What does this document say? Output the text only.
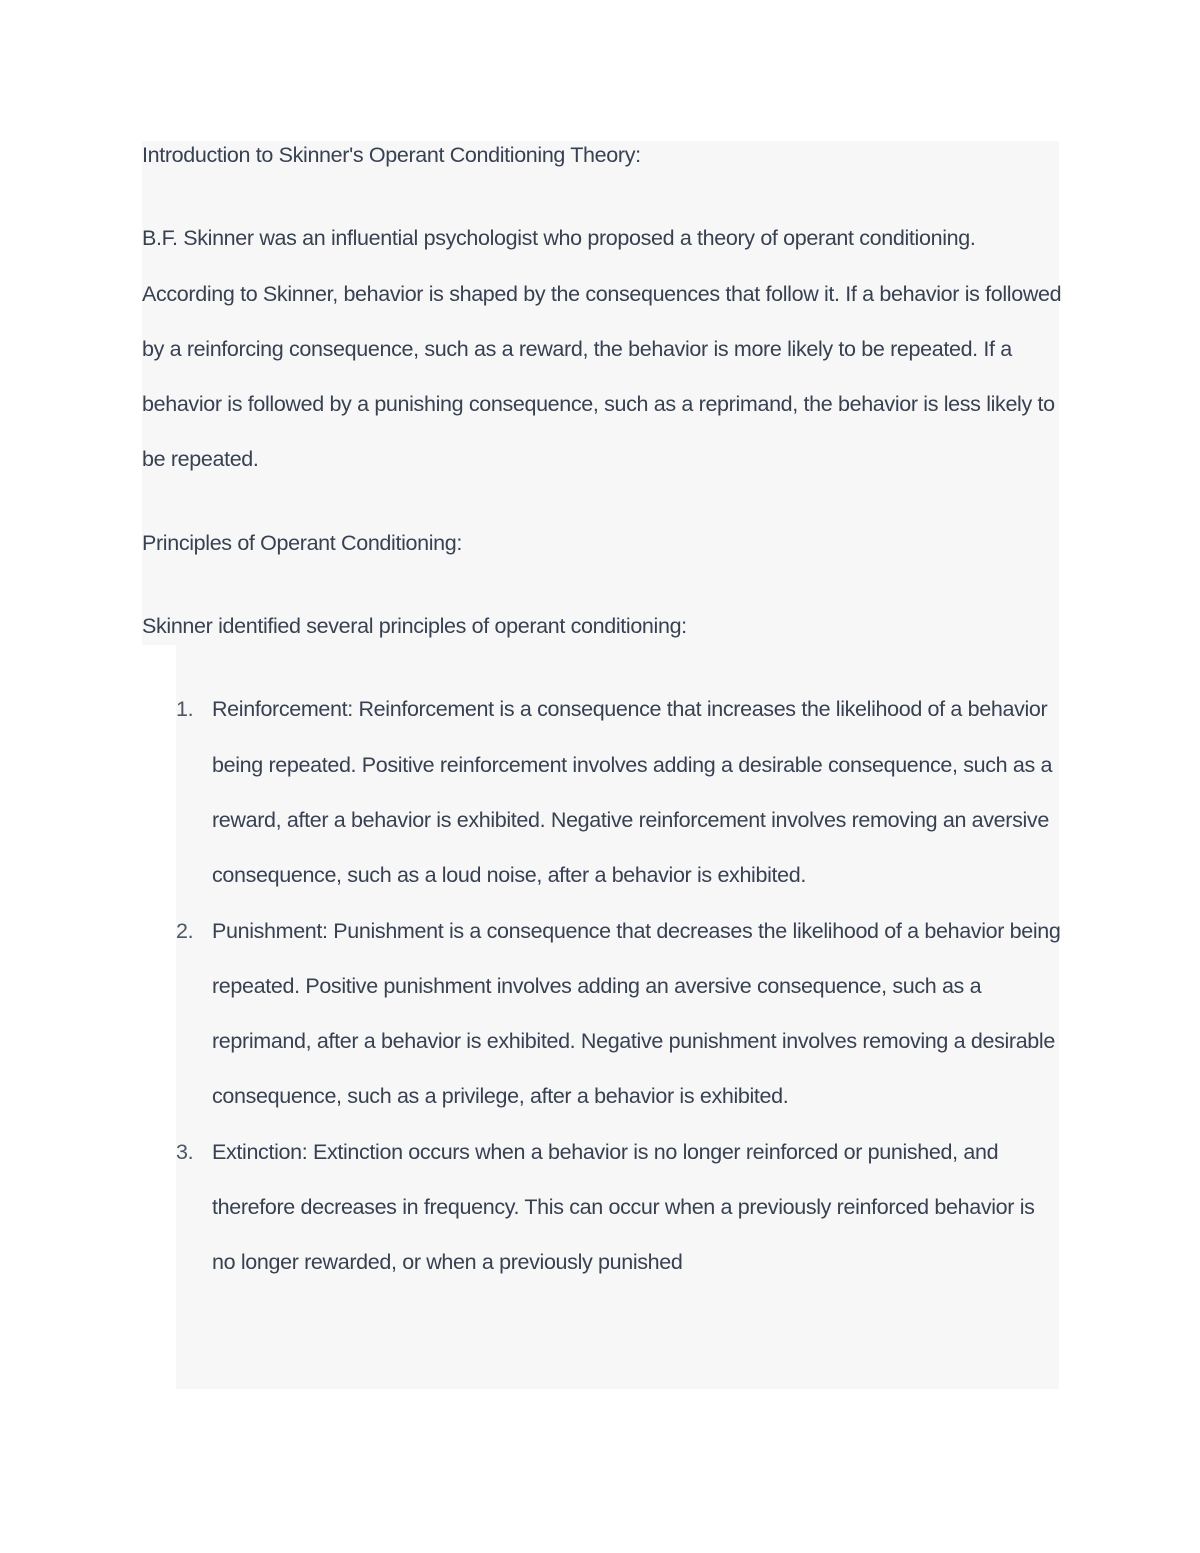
Introduction to Skinner's Operant Conditioning Theory:

B.F. Skinner was an influential psychologist who proposed a theory of operant conditioning. According to Skinner, behavior is shaped by the consequences that follow it. If a behavior is followed by a reinforcing consequence, such as a reward, the behavior is more likely to be repeated. If a behavior is followed by a punishing consequence, such as a reprimand, the behavior is less likely to be repeated.

Principles of Operant Conditioning:

Skinner identified several principles of operant conditioning:

1. Reinforcement: Reinforcement is a consequence that increases the likelihood of a behavior being repeated. Positive reinforcement involves adding a desirable consequence, such as a reward, after a behavior is exhibited. Negative reinforcement involves removing an aversive consequence, such as a loud noise, after a behavior is exhibited.
2. Punishment: Punishment is a consequence that decreases the likelihood of a behavior being repeated. Positive punishment involves adding an aversive consequence, such as a reprimand, after a behavior is exhibited. Negative punishment involves removing a desirable consequence, such as a privilege, after a behavior is exhibited.
3. Extinction: Extinction occurs when a behavior is no longer reinforced or punished, and therefore decreases in frequency. This can occur when a previously reinforced behavior is no longer rewarded, or when a previously punished
